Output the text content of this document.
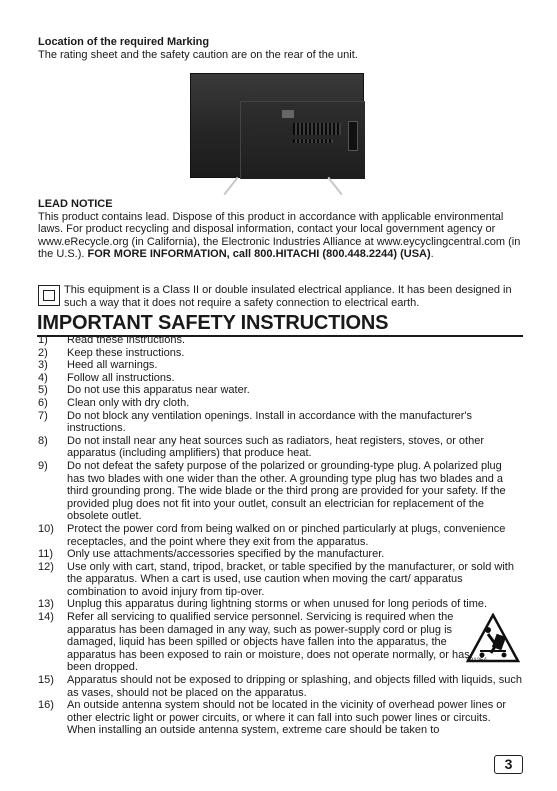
Location of the required Marking

The rating sheet and the safety caution are on the rear of the unit.

LEAD NOTICE

This product contains lead. Dispose of this product in accordance with applicable environmental laws. For product recycling and disposal information, contact your local government agency or www.eRecycle.org (in California), the Electronic Industries Alliance at www.eycyclingcentral.com (in the U.S.). FOR MORE INFORMATION, call 800.HITACHI (800.448.2244) (USA).

This equipment is a Class II or double insulated electrical appliance. It has been designed in such a way that it does not require a safety connection to electrical earth.
IMPORTANT SAFETY INSTRUCTIONS
1) Read these instructions.
2) Keep these instructions.
3) Heed all warnings.
4) Follow all instructions.
5) Do not use this apparatus near water.
6) Clean only with dry cloth.
7) Do not block any ventilation openings. Install in accordance with the manufacturer's instructions.
8) Do not install near any heat sources such as radiators, heat registers, stoves, or other apparatus (including amplifiers) that produce heat.
9) Do not defeat the safety purpose of the polarized or grounding-type plug. A polarized plug has two blades with one wider than the other. A grounding type plug has two blades and a third grounding prong. The wide blade or the third prong are provided for your safety. If the provided plug does not fit into your outlet, consult an electrician for replacement of the obsolete outlet.
10) Protect the power cord from being walked on or pinched particularly at plugs, convenience receptacles, and the point where they exit from the apparatus.
11) Only use attachments/accessories specified by the manufacturer.
12) Use only with cart, stand, tripod, bracket, or table specified by the manufacturer, or sold with the apparatus. When a cart is used, use caution when moving the cart/ apparatus combination to avoid injury from tip-over.
13) Unplug this apparatus during lightning storms or when unused for long periods of time.
14) Refer all servicing to qualified service personnel. Servicing is required when the apparatus has been damaged in any way, such as power-supply cord or plug is damaged, liquid has been spilled or objects have fallen into the apparatus, the apparatus has been exposed to rain or moisture, does not operate normally, or has been dropped.
15) Apparatus should not be exposed to dripping or splashing, and objects filled with liquids, such as vases, should not be placed on the apparatus.
16) An outside antenna system should not be located in the vicinity of overhead power lines or other electric light or power circuits, or where it can fall into such power lines or circuits. When installing an outside antenna system, extreme care should be taken to
S3125A
3
